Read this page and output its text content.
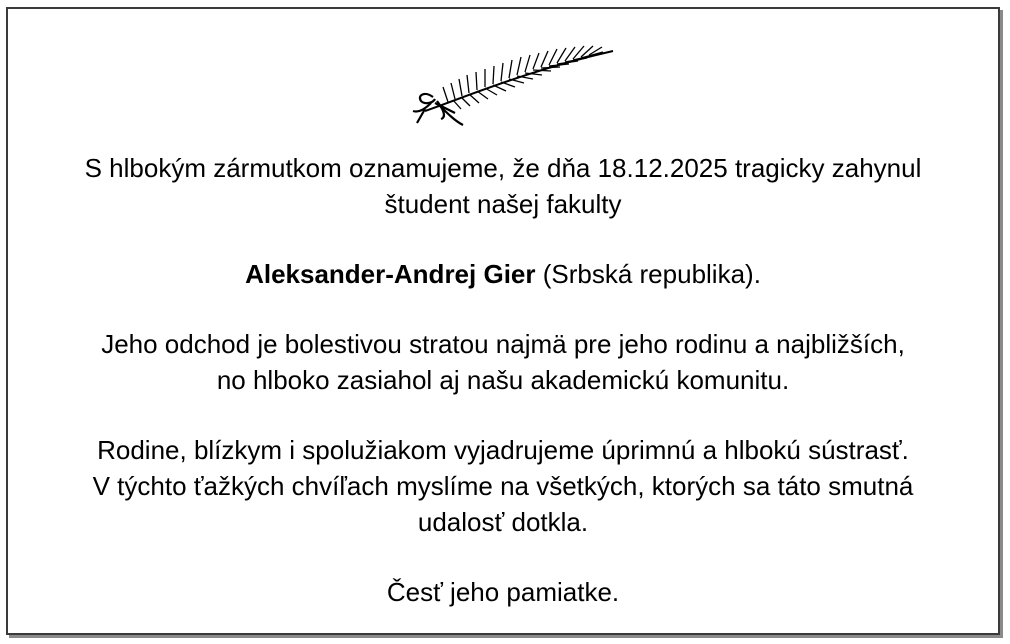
S hlbokým zármutkom oznamujeme, že dňa 18.12.2025 tragicky zahynul
študent našej fakulty
Aleksander-Andrej Gier (Srbská republika).
Jeho odchod je bolestivou stratou najmä pre jeho rodinu a najbližších,
no hlboko zasiahol aj našu akademickú komunitu.
Rodine, blízkym i spolužiakom vyjadrujeme úprimnú a hlbokú sústrasť.
V týchto ťažkých chvíľach myslíme na všetkých, ktorých sa táto smutná
udalosť dotkla.
Česť jeho pamiatke.
